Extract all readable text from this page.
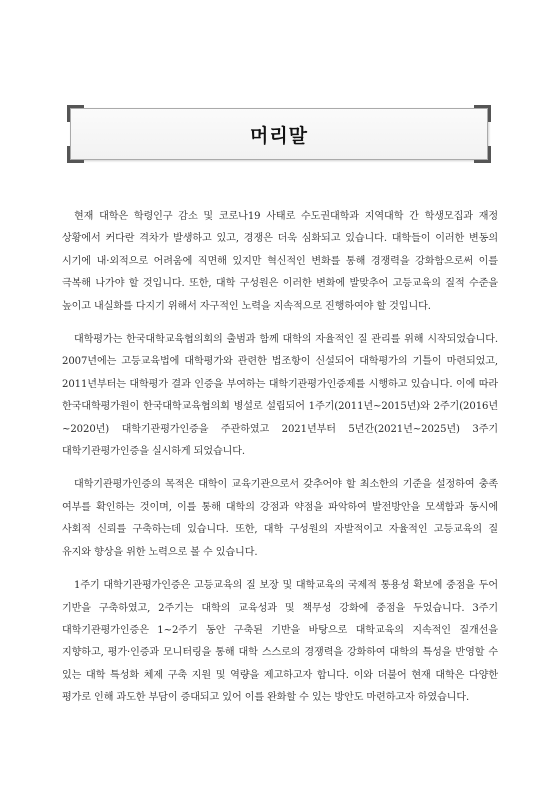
머리말

현재 대학은 학령인구 감소 및 코로나19 사태로 수도권대학과 지역대학 간 학생모집과 재정 상황에서 커다란 격차가 발생하고 있고, 경쟁은 더욱 심화되고 있습니다. 대학들이 이러한 변동의 시기에 내·외적으로 어려움에 직면해 있지만 혁신적인 변화를 통해 경쟁력을 강화함으로써 이를 극복해 나가야 할 것입니다. 또한, 대학 구성원은 이러한 변화에 발맞추어 고등교육의 질적 수준을 높이고 내실화를 다지기 위해서 자구적인 노력을 지속적으로 진행하여야 할 것입니다.

대학평가는 한국대학교육협의회의 출범과 함께 대학의 자율적인 질 관리를 위해 시작되었습니다. 2007년에는 고등교육법에 대학평가와 관련한 법조항이 신설되어 대학평가의 기틀이 마련되었고, 2011년부터는 대학평가 결과 인증을 부여하는 대학기관평가인증제를 시행하고 있습니다. 이에 따라 한국대학평가원이 한국대학교육협의회 병설로 설립되어 1주기(2011년~2015년)와 2주기(2016년~2020년) 대학기관평가인증을 주관하였고 2021년부터 5년간(2021년~2025년) 3주기 대학기관평가인증을 실시하게 되었습니다.

대학기관평가인증의 목적은 대학이 교육기관으로서 갖추어야 할 최소한의 기준을 설정하여 충족 여부를 확인하는 것이며, 이를 통해 대학의 강점과 약점을 파악하여 발전방안을 모색함과 동시에 사회적 신뢰를 구축하는데 있습니다. 또한, 대학 구성원의 자발적이고 자율적인 고등교육의 질 유지와 향상을 위한 노력으로 볼 수 있습니다.

1주기 대학기관평가인증은 고등교육의 질 보장 및 대학교육의 국제적 통용성 확보에 중점을 두어 기반을 구축하였고, 2주기는 대학의 교육성과 및 책무성 강화에 중점을 두었습니다. 3주기 대학기관평가인증은 1~2주기 동안 구축된 기반을 바탕으로 대학교육의 지속적인 질개선을 지향하고, 평가·인증과 모니터링을 통해 대학 스스로의 경쟁력을 강화하여 대학의 특성을 반영할 수 있는 대학 특성화 체제 구축 지원 및 역량을 제고하고자 합니다. 이와 더불어 현재 대학은 다양한 평가로 인해 과도한 부담이 증대되고 있어 이를 완화할 수 있는 방안도 마련하고자 하였습니다.
